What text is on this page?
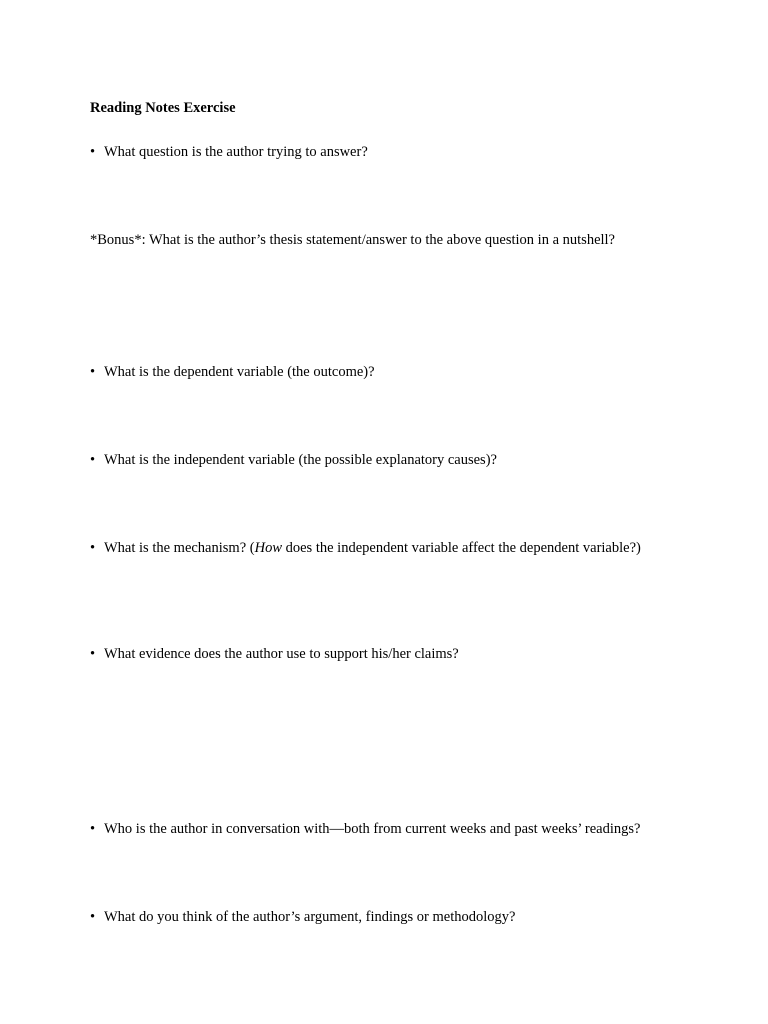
Reading Notes Exercise
• What question is the author trying to answer?
*Bonus*: What is the author’s thesis statement/answer to the above question in a nutshell?
• What is the dependent variable (the outcome)?
• What is the independent variable (the possible explanatory causes)?
• What is the mechanism? (How does the independent variable affect the dependent variable?)
• What evidence does the author use to support his/her claims?
• Who is the author in conversation with—both from current weeks and past weeks’ readings?
• What do you think of the author’s argument, findings or methodology?
